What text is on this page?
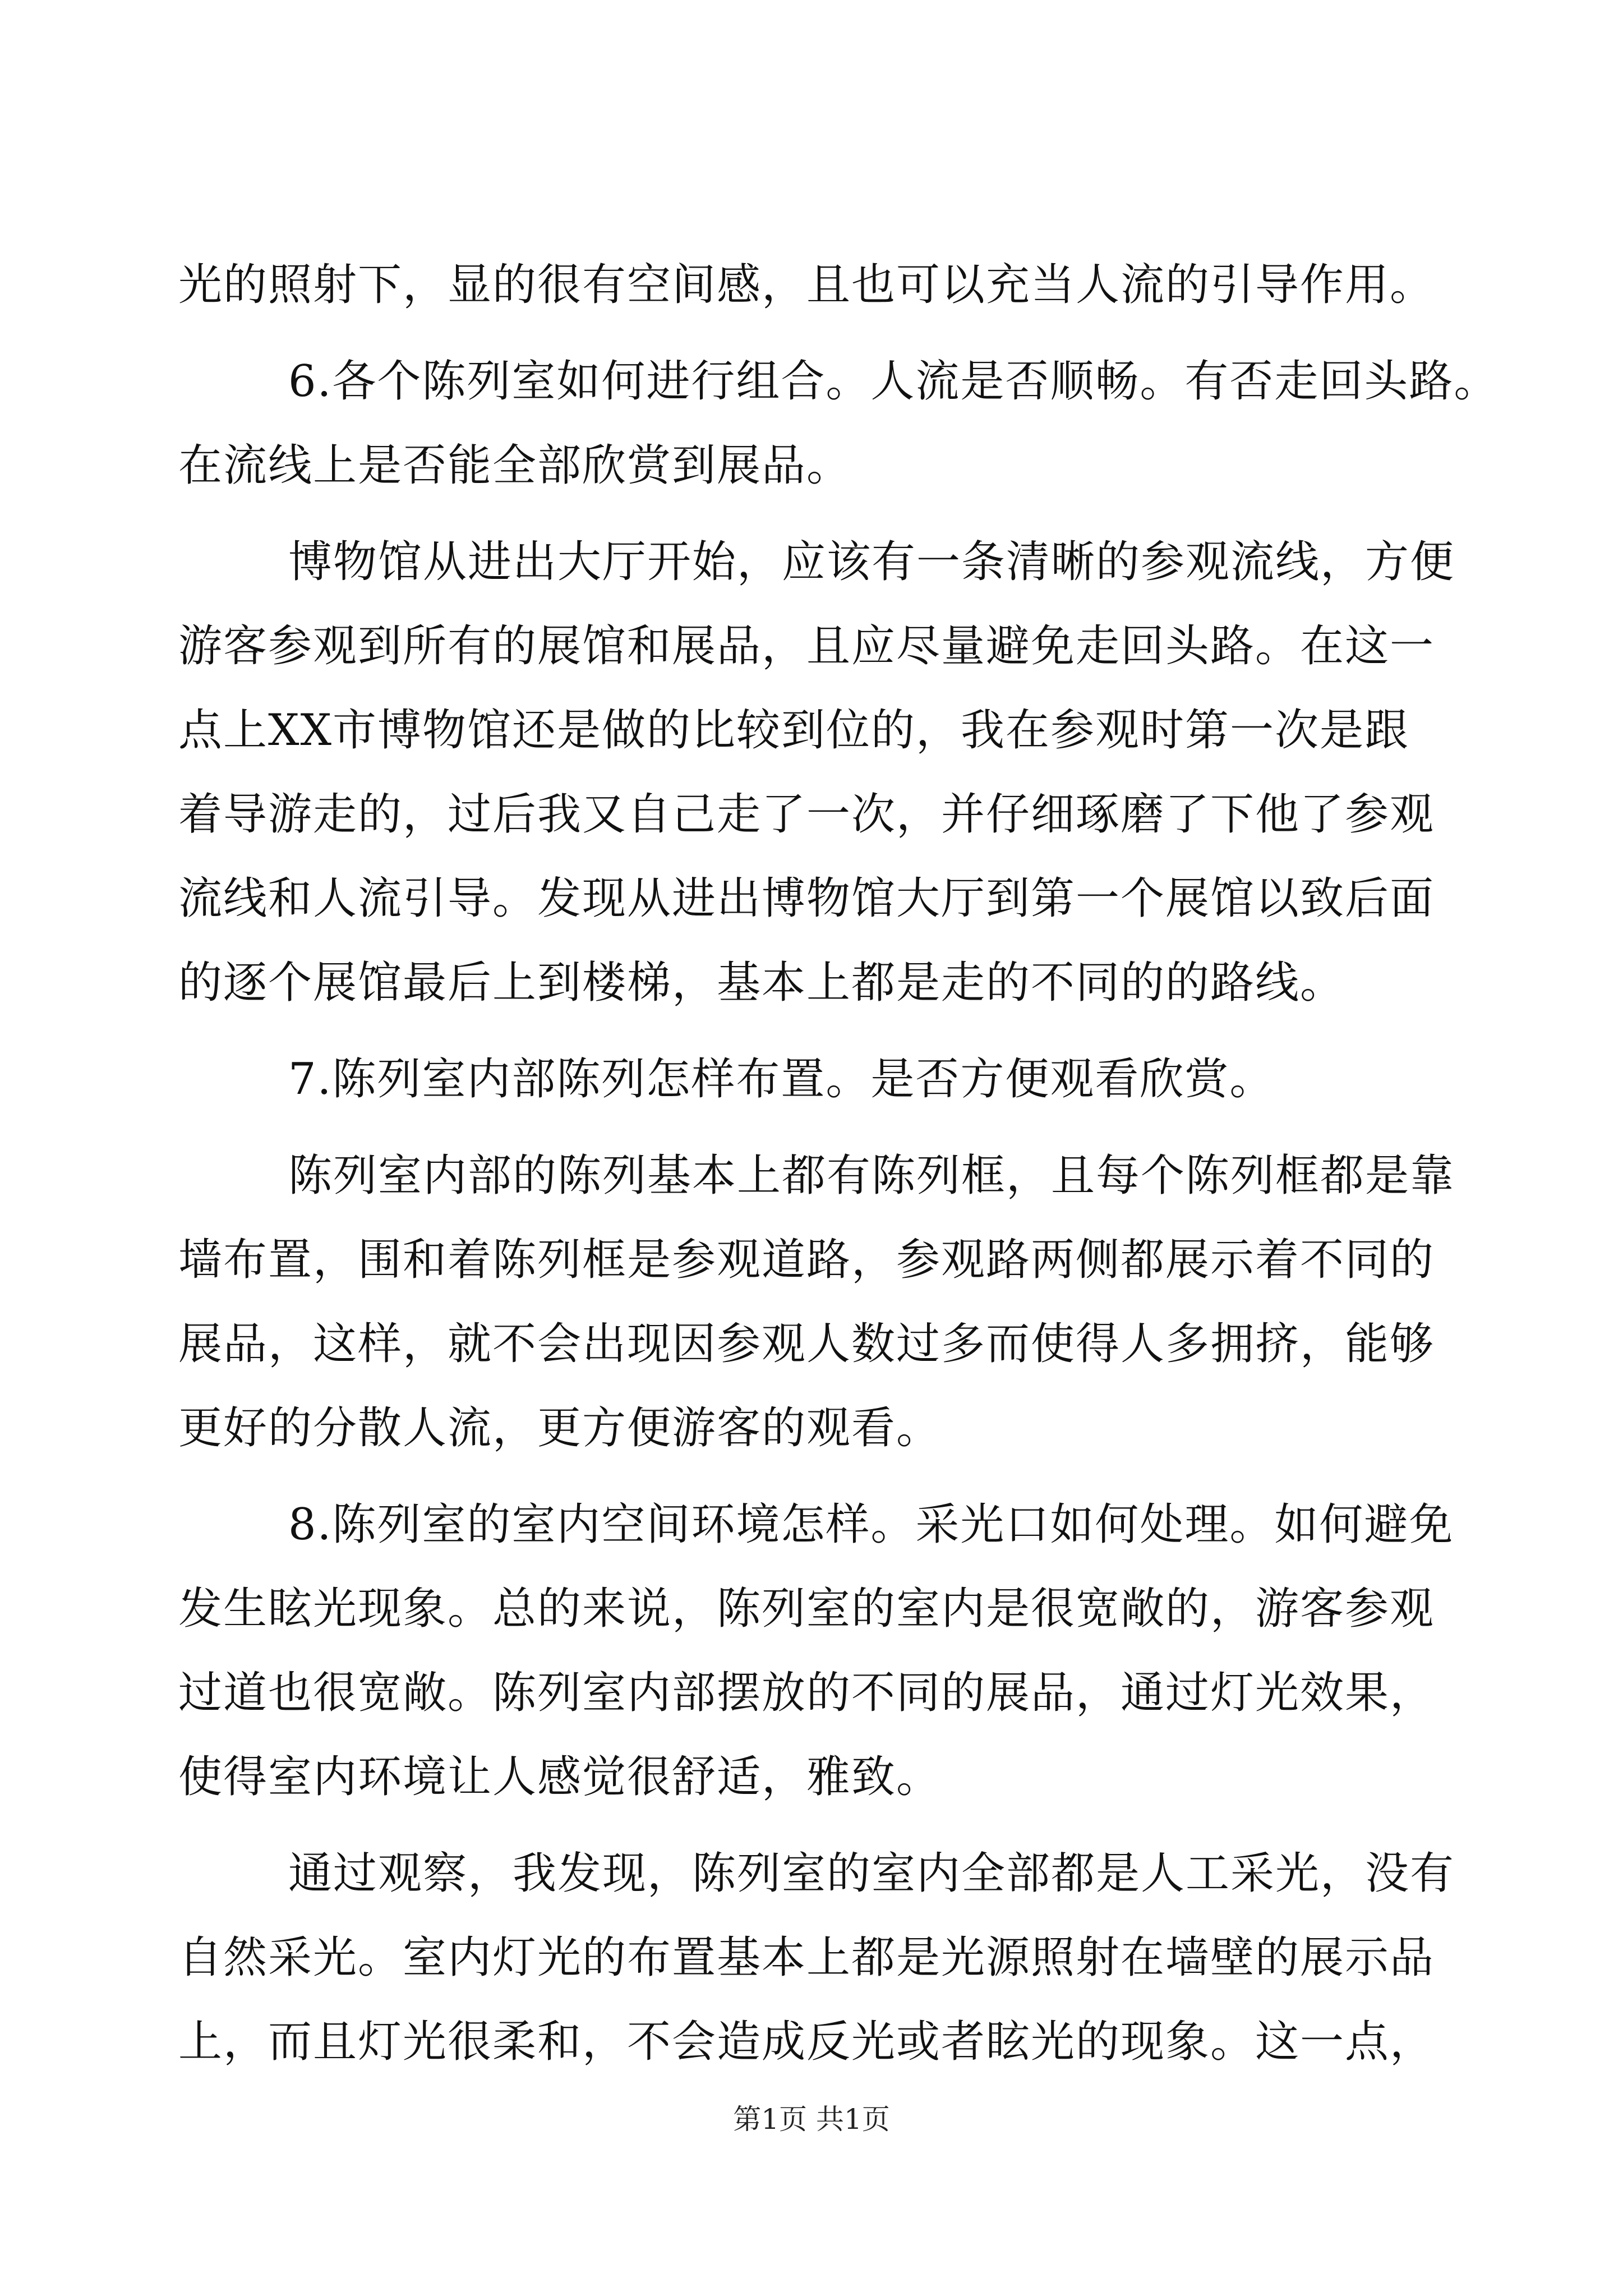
光的照射下，显的很有空间感，且也可以充当人流的引导作用。
6.各个陈列室如何进行组合。人流是否顺畅。有否走回头路。
在流线上是否能全部欣赏到展品。
博物馆从进出大厅开始，应该有一条清晰的参观流线，方便
游客参观到所有的展馆和展品，且应尽量避免走回头路。在这一
点上XX市博物馆还是做的比较到位的，我在参观时第一次是跟
着导游走的，过后我又自己走了一次，并仔细琢磨了下他了参观
流线和人流引导。发现从进出博物馆大厅到第一个展馆以致后面
的逐个展馆最后上到楼梯，基本上都是走的不同的的路线。
7.陈列室内部陈列怎样布置。是否方便观看欣赏。
陈列室内部的陈列基本上都有陈列框，且每个陈列框都是靠
墙布置，围和着陈列框是参观道路，参观路两侧都展示着不同的
展品，这样，就不会出现因参观人数过多而使得人多拥挤，能够
更好的分散人流，更方便游客的观看。
8.陈列室的室内空间环境怎样。采光口如何处理。如何避免
发生眩光现象。总的来说，陈列室的室内是很宽敞的，游客参观
过道也很宽敞。陈列室内部摆放的不同的展品，通过灯光效果，
使得室内环境让人感觉很舒适，雅致。
通过观察，我发现，陈列室的室内全部都是人工采光，没有
自然采光。室内灯光的布置基本上都是光源照射在墙壁的展示品
上，而且灯光很柔和，不会造成反光或者眩光的现象。这一点，
第1页 共1页
